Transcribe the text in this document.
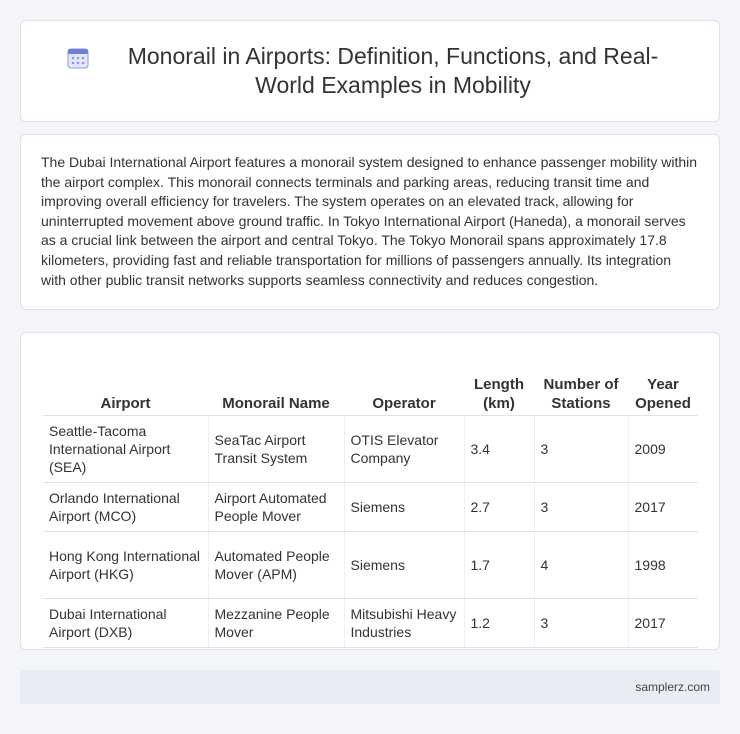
Monorail in Airports: Definition, Functions, and Real-World Examples in Mobility

The Dubai International Airport features a monorail system designed to enhance passenger mobility within the airport complex. This monorail connects terminals and parking areas, reducing transit time and improving overall efficiency for travelers. The system operates on an elevated track, allowing for uninterrupted movement above ground traffic. In Tokyo International Airport (Haneda), a monorail serves as a crucial link between the airport and central Tokyo. The Tokyo Monorail spans approximately 17.8 kilometers, providing fast and reliable transportation for millions of passengers annually. Its integration with other public transit networks supports seamless connectivity and reduces congestion.

Airport	Monorail Name	Operator	Length (km)	Number of Stations	Year Opened
Seattle-Tacoma International Airport (SEA)	SeaTac Airport Transit System	OTIS Elevator Company	3.4	3	2009
Orlando International Airport (MCO)	Airport Automated People Mover	Siemens	2.7	3	2017
Hong Kong International Airport (HKG)	Automated People Mover (APM)	Siemens	1.7	4	1998
Dubai International Airport (DXB)	Mezzanine People Mover	Mitsubishi Heavy Industries	1.2	3	2017
samplerz.com
